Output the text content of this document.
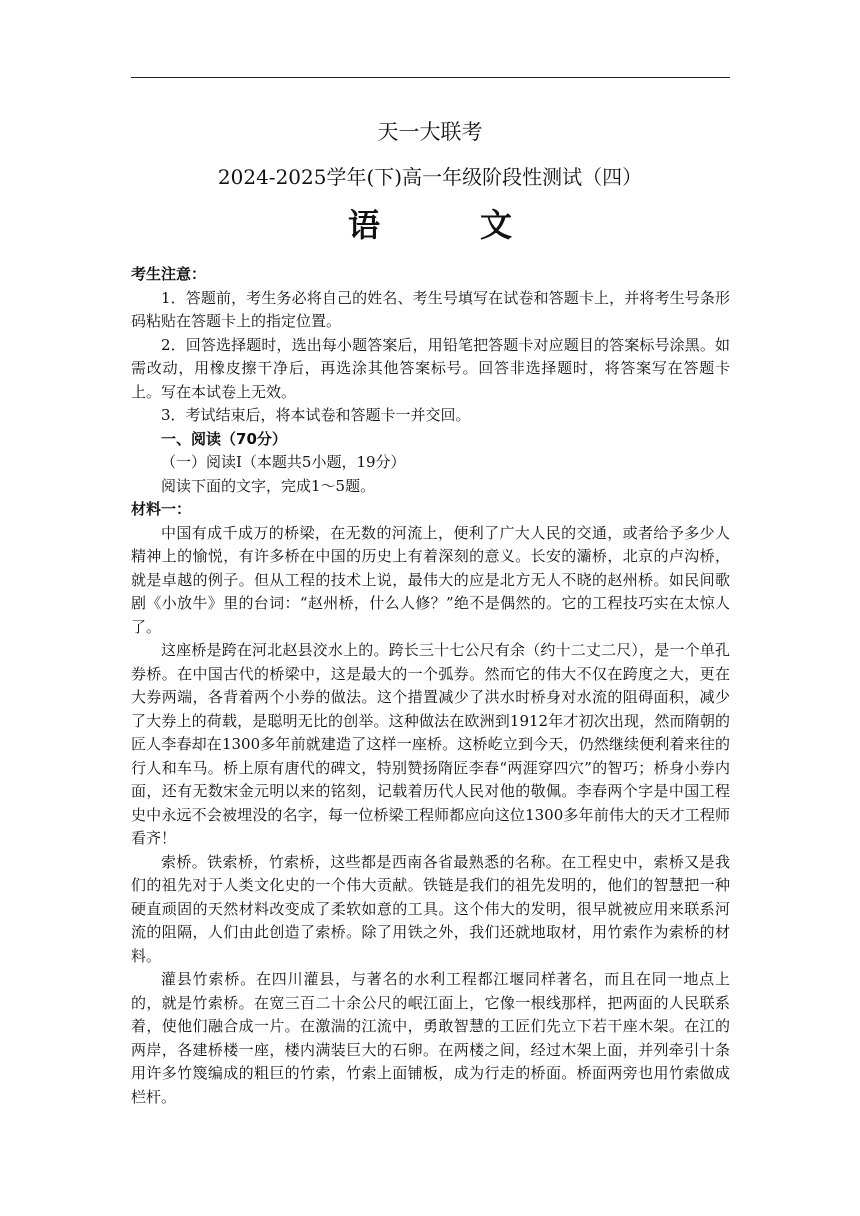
天一大联考
2024-2025学年(下)高一年级阶段性测试（四）
语　文

考生注意：

1．答题前，考生务必将自己的姓名、考生号填写在试卷和答题卡上，并将考生号条形码粘贴在答题卡上的指定位置。

2．回答选择题时，选出每小题答案后，用铅笔把答题卡对应题目的答案标号涂黑。如需改动，用橡皮擦干净后，再选涂其他答案标号。回答非选择题时，将答案写在答题卡上。写在本试卷上无效。

3．考试结束后，将本试卷和答题卡一并交回。

一、阅读（70分）

（一）阅读Ⅰ（本题共5小题，19分）

阅读下面的文字，完成1～5题。

材料一：

中国有成千成万的桥梁，在无数的河流上，便利了广大人民的交通，或者给予多少人精神上的愉悦，有许多桥在中国的历史上有着深刻的意义。长安的灞桥，北京的卢沟桥，就是卓越的例子。但从工程的技术上说，最伟大的应是北方无人不晓的赵州桥。如民间歌剧《小放牛》里的台词：“赵州桥，什么人修？”绝不是偶然的。它的工程技巧实在太惊人了。

这座桥是跨在河北赵县洨水上的。跨长三十七公尺有余（约十二丈二尺），是一个单孔券桥。在中国古代的桥梁中，这是最大的一个弧券。然而它的伟大不仅在跨度之大，更在大券两端，各背着两个小券的做法。这个措置减少了洪水时桥身对水流的阻碍面积，减少了大券上的荷载，是聪明无比的创举。这种做法在欧洲到1912年才初次出现，然而隋朝的匠人李春却在1300多年前就建造了这样一座桥。这桥屹立到今天，仍然继续便利着来往的行人和车马。桥上原有唐代的碑文，特别赞扬隋匠李春“两涯穿四穴”的智巧；桥身小券内面，还有无数宋金元明以来的铭刻，记载着历代人民对他的敬佩。李春两个字是中国工程史中永远不会被埋没的名字，每一位桥梁工程师都应向这位1300多年前伟大的天才工程师看齐！

索桥。铁索桥，竹索桥，这些都是西南各省最熟悉的名称。在工程史中，索桥又是我们的祖先对于人类文化史的一个伟大贡献。铁链是我们的祖先发明的，他们的智慧把一种硬直顽固的天然材料改变成了柔软如意的工具。这个伟大的发明，很早就被应用来联系河流的阻隔，人们由此创造了索桥。除了用铁之外，我们还就地取材，用竹索作为索桥的材料。

灌县竹索桥。在四川灌县，与著名的水利工程都江堰同样著名，而且在同一地点上的，就是竹索桥。在宽三百二十余公尺的岷江面上，它像一根线那样，把两面的人民联系着，使他们融合成一片。在激湍的江流中，勇敢智慧的工匠们先立下若干座木架。在江的两岸，各建桥楼一座，楼内满装巨大的石卵。在两楼之间，经过木架上面，并列牵引十条用许多竹篾编成的粗巨的竹索，竹索上面铺板，成为行走的桥面。桥面两旁也用竹索做成栏杆。
